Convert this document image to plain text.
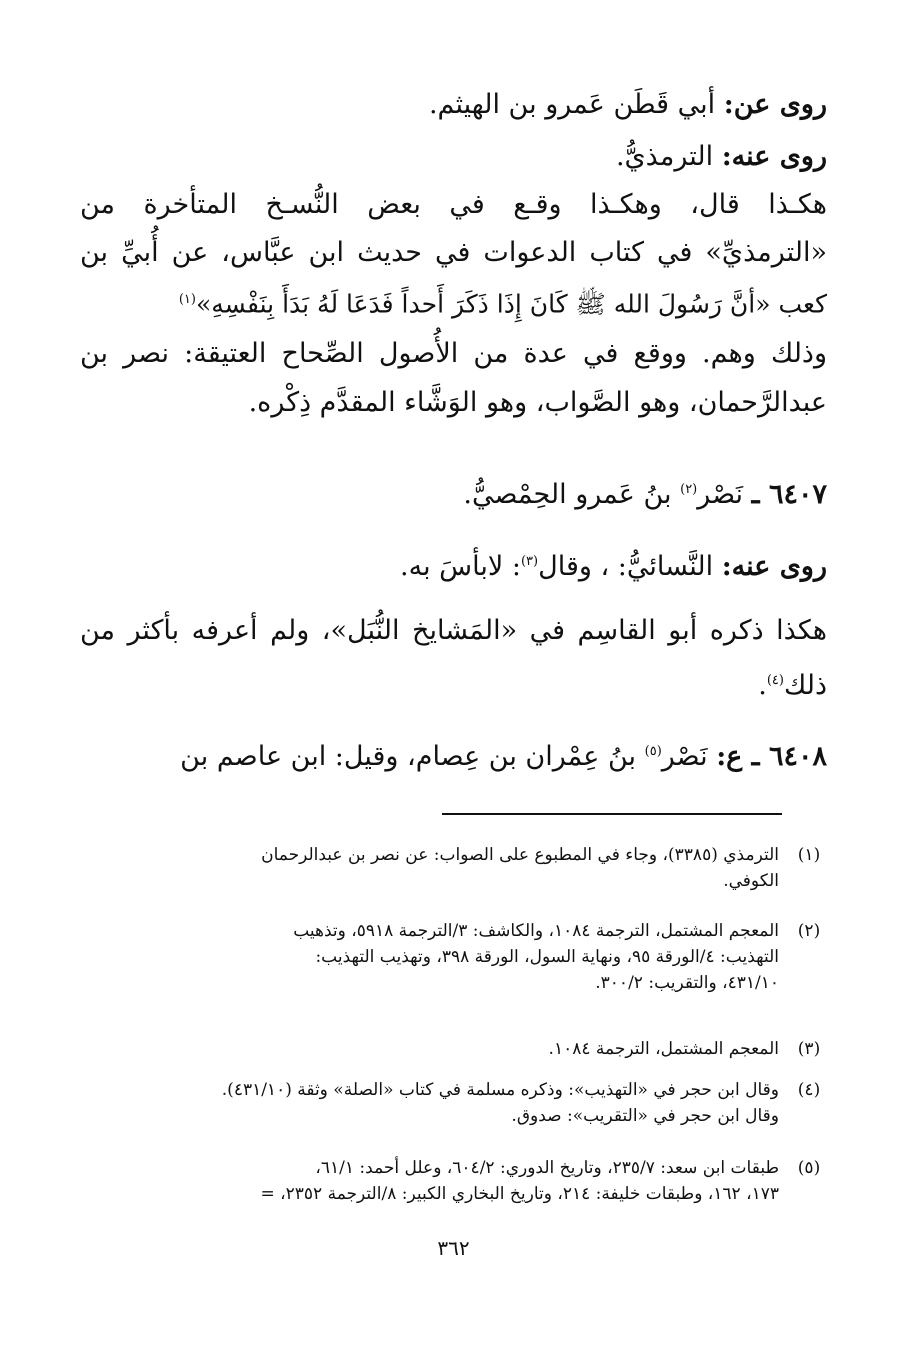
روى عن: أبي قَطَن عَمرو بن الهيثم.
روى عنه: الترمذيُّ.
هكـذا قال، وهكـذا وقـع في بعض النُّسـخ المتأخرة من
«الترمذيِّ» في كتاب الدعوات في حديث ابن عبَّاس، عن أُبيِّ بن
كعب «أنَّ رَسُولَ الله ﷺ كَانَ إِذَا ذَكَرَ أَحداً فَدَعَا لَهُ بَدَأَ بِنَفْسِهِ»$^{(١)}$
وذلك وهم. ووقع في عدة من الأُصول الصِّحاح العتيقة: نصر بن
عبدالرَّحمان، وهو الصَّواب، وهو الوَشَّاء المقدَّم ذِكْره.
٦٤٠٧ ـ نَصْر$^{(٢)}$ بنُ عَمرو الحِمْصيُّ.
روى عنه: النَّسائيُّ: ، وقال$^{(٣)}$: لابأسَ به.
هكذا ذكره أبو القاسِم في «المَشايخ النُّبَل»، ولم أعرفه بأكثر من
ذلك$^{(٤)}$.
٦٤٠٨ ـ ع: نَصْر$^{(٥)}$ بنُ عِمْران بن عِصام، وقيل: ابن عاصم بن
(١)
الترمذي (٣٣٨٥)، وجاء في المطبوع على الصواب: عن نصر بن عبدالرحمان
الكوفي.
(٢)
المعجم المشتمل، الترجمة ١٠٨٤، والكاشف: ٣/الترجمة ٥٩١٨، وتذهيب
التهذيب: ٤/الورقة ٩٥، ونهاية السول، الورقة ٣٩٨، وتهذيب التهذيب:
٤٣١/١٠، والتقريب: ٣٠٠/٢.
(٣)
المعجم المشتمل، الترجمة ١٠٨٤.
(٤)
وقال ابن حجر في «التهذيب»: وذكره مسلمة في كتاب «الصلة» وثقة (٤٣١/١٠).
وقال ابن حجر في «التقريب»: صدوق.
(٥)
طبقات ابن سعد: ٢٣٥/٧، وتاريخ الدوري: ٦٠٤/٢، وعلل أحمد: ٦١/١،
١٧٣، ١٦٢، وطبقات خليفة: ٢١٤، وتاريخ البخاري الكبير: ٨/الترجمة ٢٣٥٢، =
٣٦٢
